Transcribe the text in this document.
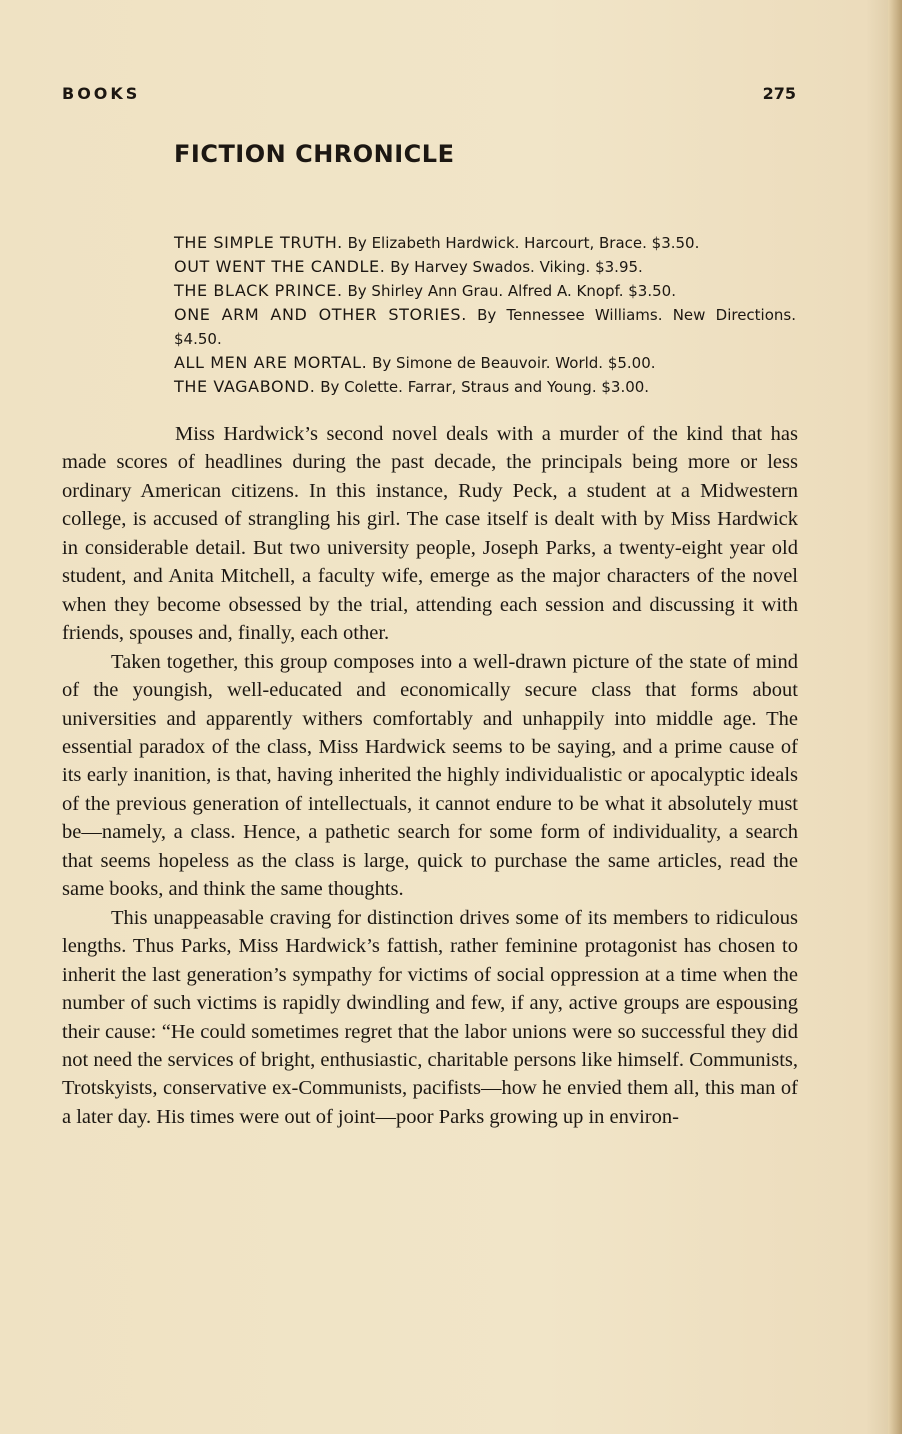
BOOKS	275
FICTION CHRONICLE
THE SIMPLE TRUTH. By Elizabeth Hardwick. Harcourt, Brace. $3.50.
OUT WENT THE CANDLE. By Harvey Swados. Viking. $3.95.
THE BLACK PRINCE. By Shirley Ann Grau. Alfred A. Knopf. $3.50.
ONE ARM AND OTHER STORIES. By Tennessee Williams. New Directions. $4.50.
ALL MEN ARE MORTAL. By Simone de Beauvoir. World. $5.00.
THE VAGABOND. By Colette. Farrar, Straus and Young. $3.00.

Miss Hardwick’s second novel deals with a murder of the kind that has made scores of headlines during the past decade, the principals being more or less ordinary American citizens. In this instance, Rudy Peck, a student at a Midwestern college, is accused of strangling his girl. The case itself is dealt with by Miss Hardwick in considerable detail. But two university people, Joseph Parks, a twenty-eight year old student, and Anita Mitchell, a faculty wife, emerge as the major characters of the novel when they become obsessed by the trial, attending each session and discussing it with friends, spouses and, finally, each other.

Taken together, this group composes into a well-drawn picture of the state of mind of the youngish, well-educated and economically secure class that forms about universities and apparently withers comfortably and unhappily into middle age. The essential paradox of the class, Miss Hardwick seems to be saying, and a prime cause of its early inanition, is that, having inherited the highly individualistic or apocalyptic ideals of the previous generation of intellectuals, it cannot endure to be what it absolutely must be—namely, a class. Hence, a pathetic search for some form of individuality, a search that seems hopeless as the class is large, quick to purchase the same articles, read the same books, and think the same thoughts.

This unappeasable craving for distinction drives some of its members to ridiculous lengths. Thus Parks, Miss Hardwick’s fattish, rather feminine protagonist has chosen to inherit the last generation’s sympathy for victims of social oppression at a time when the number of such victims is rapidly dwindling and few, if any, active groups are espousing their cause: “He could sometimes regret that the labor unions were so successful they did not need the services of bright, enthusiastic, charitable persons like himself. Communists, Trotskyists, conservative ex-Communists, pacifists—how he envied them all, this man of a later day. His times were out of joint—poor Parks growing up in environ-
